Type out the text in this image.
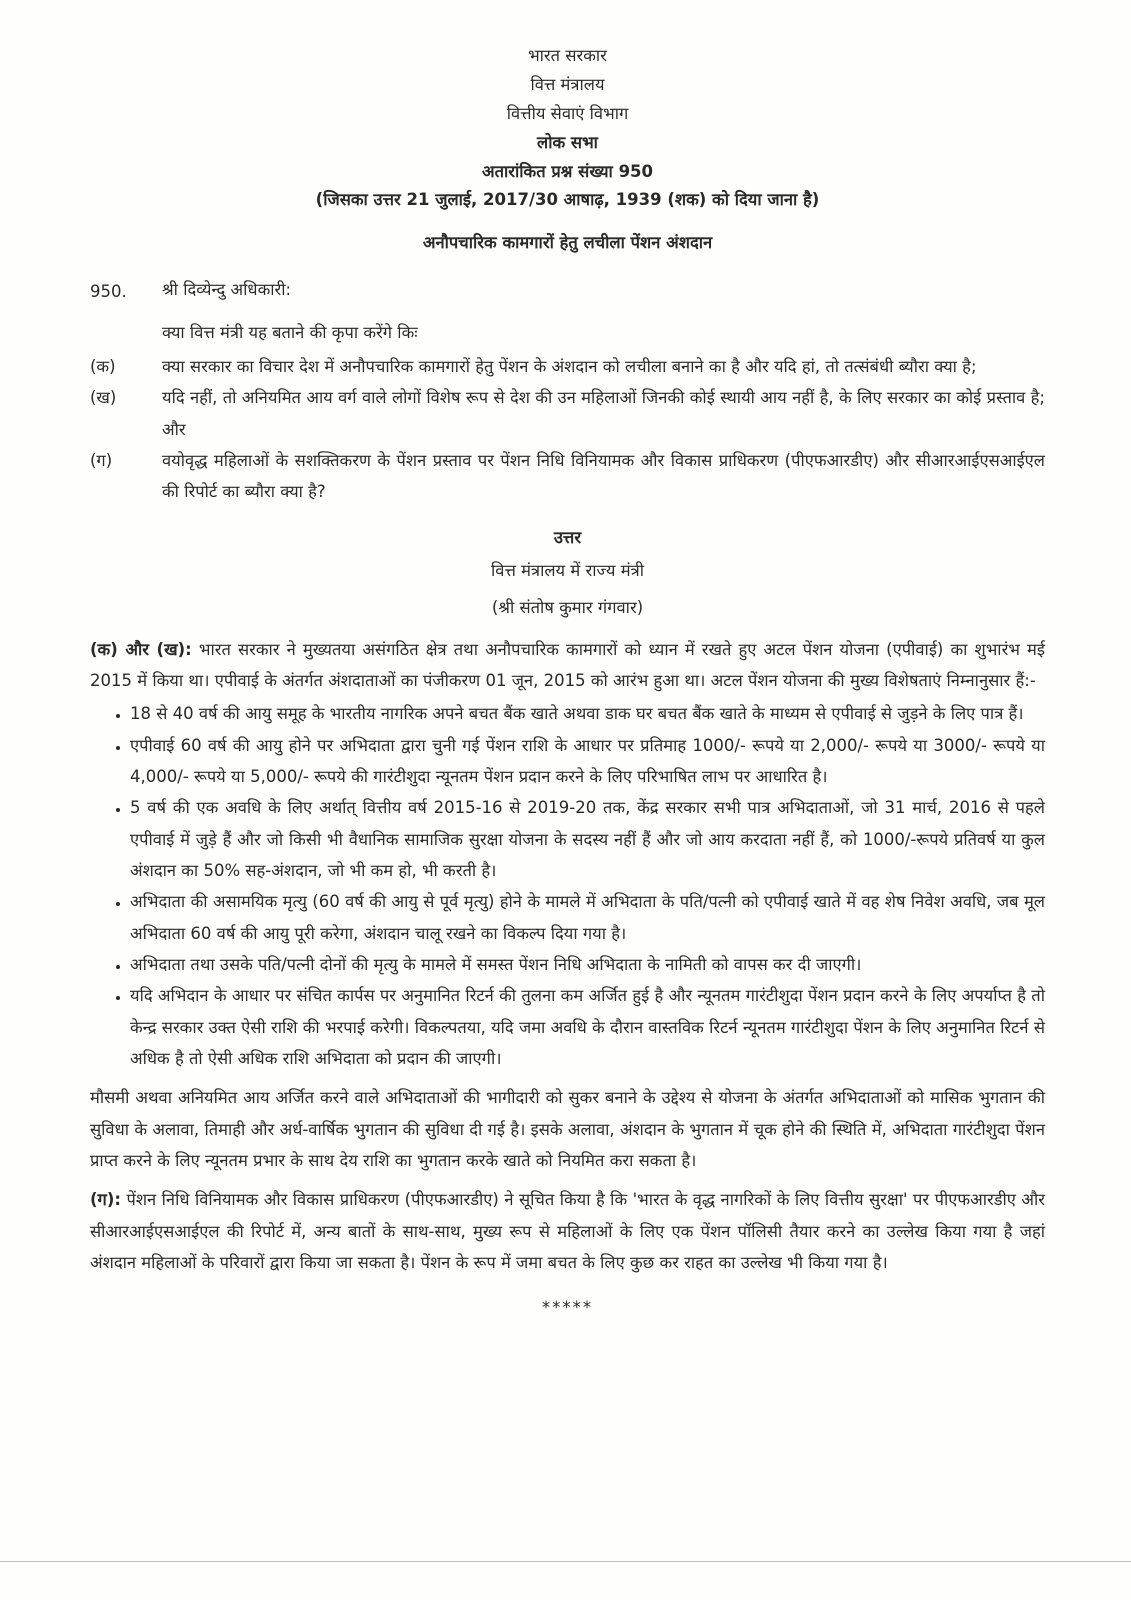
भारत सरकार
वित्त मंत्रालय
वित्तीय सेवाएं विभाग
लोक सभा
अतारांकित प्रश्न संख्या 950
(जिसका उत्तर 21 जुलाई, 2017/30 आषाढ़, 1939 (शक) को दिया जाना है)
अनौपचारिक कामगारों हेतु लचीला पेंशन अंशदान
950.	श्री दिव्येन्दु अधिकारी:

क्या वित्त मंत्री यह बताने की कृपा करेंगे किः

(क)	क्या सरकार का विचार देश में अनौपचारिक कामगारों हेतु पेंशन के अंशदान को लचीला बनाने का है और यदि हां, तो तत्संबंधी ब्यौरा क्या है;
(ख)	यदि नहीं, तो अनियमित आय वर्ग वाले लोगों विशेष रूप से देश की उन महिलाओं जिनकी कोई स्थायी आय नहीं है, के लिए सरकार का कोई प्रस्ताव है; और
(ग)	वयोवृद्ध महिलाओं के सशक्तिकरण के पेंशन प्रस्ताव पर पेंशन निधि विनियामक और विकास प्राधिकरण (पीएफआरडीए) और सीआरआईएसआईएल की रिपोर्ट का ब्यौरा क्या है?
उत्तर
वित्त मंत्रालय में राज्य मंत्री
(श्री संतोष कुमार गंगवार)

(क) और (ख): भारत सरकार ने मुख्यतया असंगठित क्षेत्र तथा अनौपचारिक कामगारों को ध्यान में रखते हुए अटल पेंशन योजना (एपीवाई) का शुभारंभ मई 2015 में किया था। एपीवाई के अंतर्गत अंशदाताओं का पंजीकरण 01 जून, 2015 को आरंभ हुआ था। अटल पेंशन योजना की मुख्य विशेषताएं निम्नानुसार हैं:-

• 18 से 40 वर्ष की आयु समूह के भारतीय नागरिक अपने बचत बैंक खाते अथवा डाक घर बचत बैंक खाते के माध्यम से एपीवाई से जुड़ने के लिए पात्र हैं।
• एपीवाई 60 वर्ष की आयु होने पर अभिदाता द्वारा चुनी गई पेंशन राशि के आधार पर प्रतिमाह 1000/- रूपये या 2,000/- रूपये या 3000/- रूपये या 4,000/- रूपये या 5,000/- रूपये की गारंटीशुदा न्यूनतम पेंशन प्रदान करने के लिए परिभाषित लाभ पर आधारित है।
• 5 वर्ष की एक अवधि के लिए अर्थात् वित्तीय वर्ष 2015-16 से 2019-20 तक, केंद्र सरकार सभी पात्र अभिदाताओं, जो 31 मार्च, 2016 से पहले एपीवाई में जुड़े हैं और जो किसी भी वैधानिक सामाजिक सुरक्षा योजना के सदस्य नहीं हैं और जो आय करदाता नहीं हैं, को 1000/-रूपये प्रतिवर्ष या कुल अंशदान का 50% सह-अंशदान, जो भी कम हो, भी करती है।
• अभिदाता की असामयिक मृत्यु (60 वर्ष की आयु से पूर्व मृत्यु) होने के मामले में अभिदाता के पति/पत्नी को एपीवाई खाते में वह शेष निवेश अवधि, जब मूल अभिदाता 60 वर्ष की आयु पूरी करेगा, अंशदान चालू रखने का विकल्प दिया गया है।
• अभिदाता तथा उसके पति/पत्नी दोनों की मृत्यु के मामले में समस्त पेंशन निधि अभिदाता के नामिती को वापस कर दी जाएगी।
• यदि अभिदान के आधार पर संचित कार्पस पर अनुमानित रिटर्न की तुलना कम अर्जित हुई है और न्यूनतम गारंटीशुदा पेंशन प्रदान करने के लिए अपर्याप्त है तो केन्द्र सरकार उक्त ऐसी राशि की भरपाई करेगी। विकल्पतया, यदि जमा अवधि के दौरान वास्तविक रिटर्न न्यूनतम गारंटीशुदा पेंशन के लिए अनुमानित रिटर्न से अधिक है तो ऐसी अधिक राशि अभिदाता को प्रदान की जाएगी।

मौसमी अथवा अनियमित आय अर्जित करने वाले अभिदाताओं की भागीदारी को सुकर बनाने के उद्देश्य से योजना के अंतर्गत अभिदाताओं को मासिक भुगतान की सुविधा के अलावा, तिमाही और अर्ध-वार्षिक भुगतान की सुविधा दी गई है। इसके अलावा, अंशदान के भुगतान में चूक होने की स्थिति में, अभिदाता गारंटीशुदा पेंशन प्राप्त करने के लिए न्यूनतम प्रभार के साथ देय राशि का भुगतान करके खाते को नियमित करा सकता है।

(ग): पेंशन निधि विनियामक और विकास प्राधिकरण (पीएफआरडीए) ने सूचित किया है कि 'भारत के वृद्ध नागरिकों के लिए वित्तीय सुरक्षा' पर पीएफआरडीए और सीआरआईएसआईएल की रिपोर्ट में, अन्य बातों के साथ-साथ, मुख्य रूप से महिलाओं के लिए एक पेंशन पॉलिसी तैयार करने का उल्लेख किया गया है जहां अंशदान महिलाओं के परिवारों द्वारा किया जा सकता है। पेंशन के रूप में जमा बचत के लिए कुछ कर राहत का उल्लेख भी किया गया है।

*****
